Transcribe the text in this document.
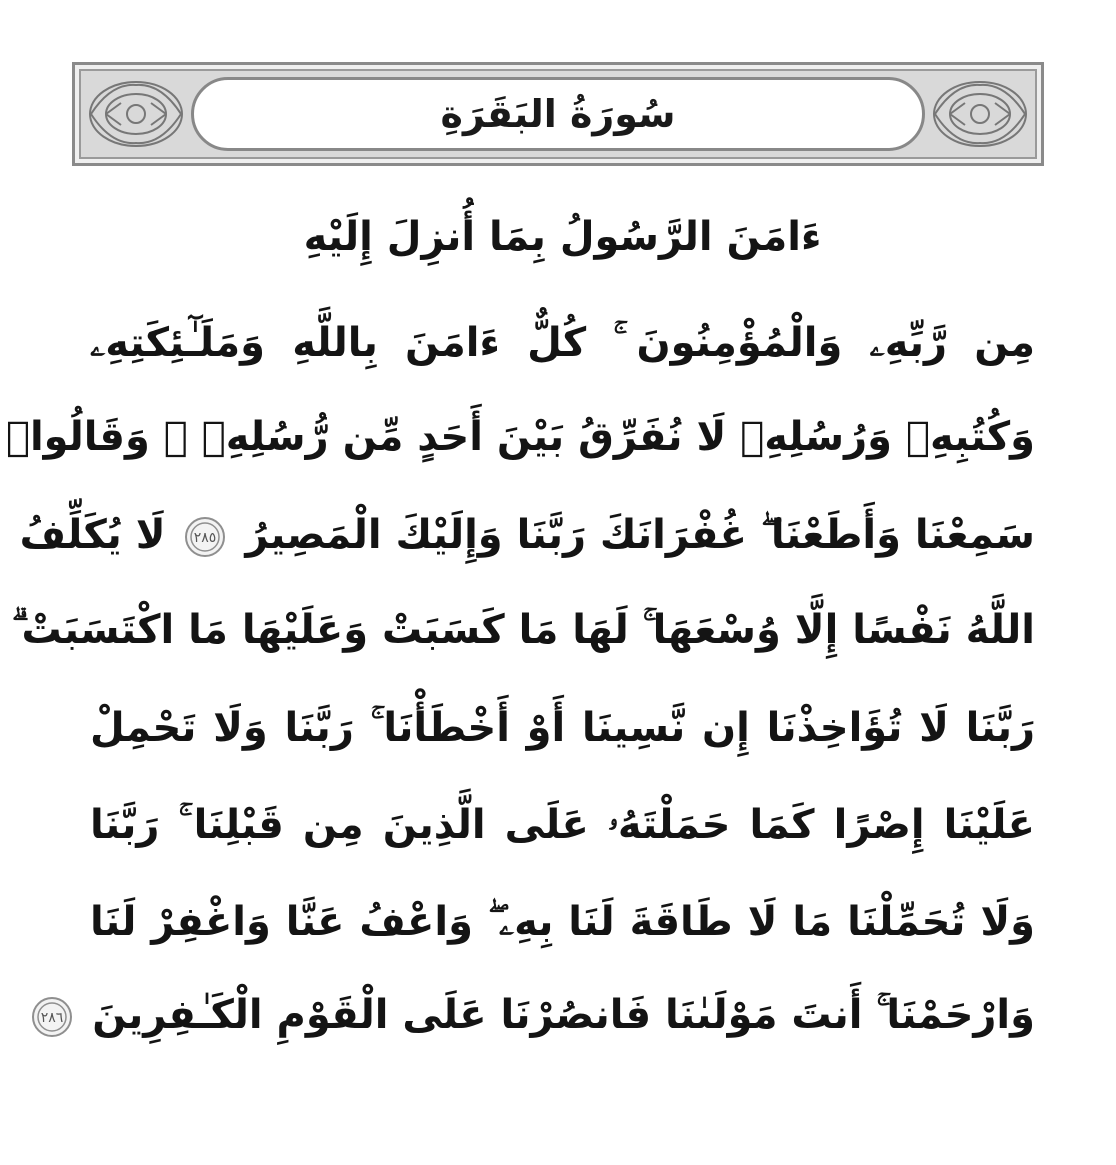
سُورَةُ البَقَرَةِ
ءَامَنَ الرَّسُولُ بِمَا أُنزِلَ إِلَيْهِ
مِن رَّبِّهِۦ وَالْمُؤْمِنُونَ ۚ كُلٌّ ءَامَنَ بِاللَّهِ وَمَلَـٰٓئِكَتِهِۦ
وَكُتُبِهِۦ وَرُسُلِهِۦ لَا نُفَرِّقُ بَيْنَ أَحَدٍ مِّن رُّسُلِهِۦ ۚ وَقَالُوا۟
سَمِعْنَا وَأَطَعْنَا ۖ غُفْرَانَكَ رَبَّنَا وَإِلَيْكَ الْمَصِيرُ
٢٨٥
لَا يُكَلِّفُ
اللَّهُ نَفْسًا إِلَّا وُسْعَهَا ۚ لَهَا مَا كَسَبَتْ وَعَلَيْهَا مَا اكْتَسَبَتْ ۗ
رَبَّنَا لَا تُؤَاخِذْنَا إِن نَّسِينَا أَوْ أَخْطَأْنَا ۚ رَبَّنَا وَلَا تَحْمِلْ
عَلَيْنَا إِصْرًا كَمَا حَمَلْتَهُۥ عَلَى الَّذِينَ مِن قَبْلِنَا ۚ رَبَّنَا
وَلَا تُحَمِّلْنَا مَا لَا طَاقَةَ لَنَا بِهِۦ ۖ وَاعْفُ عَنَّا وَاغْفِرْ لَنَا
وَارْحَمْنَا ۚ أَنتَ مَوْلَىٰنَا فَانصُرْنَا عَلَى الْقَوْمِ الْكَـٰفِرِينَ
٢٨٦
